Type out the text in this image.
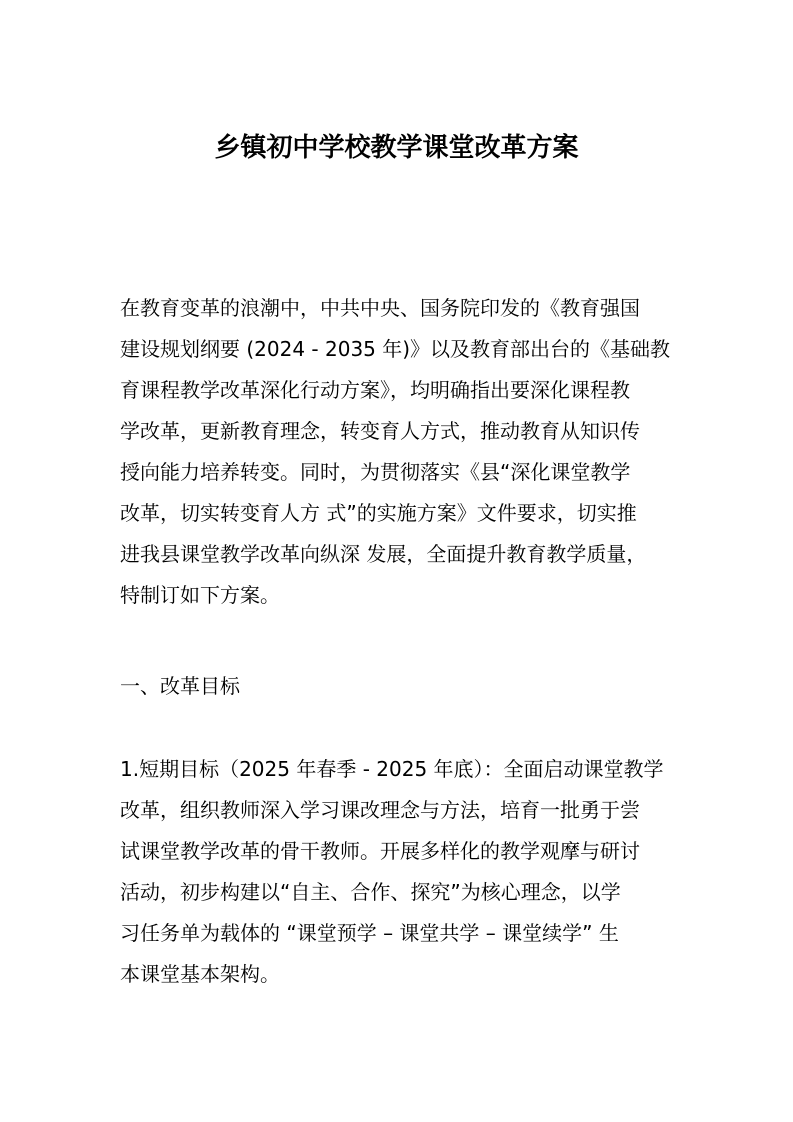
乡镇初中学校教学课堂改革方案
在教育变革的浪潮中，中共中央、国务院印发的《教育强国
建设规划纲要 (2024 - 2035 年)》以及教育部出台的《基础教
育课程教学改革深化行动方案》，均明确指出要深化课程教
学改革，更新教育理念，转变育人方式，推动教育从知识传
授向能力培养转变。同时，为贯彻落实《县“深化课堂教学
改革，切实转变育人方 式”的实施方案》文件要求，切实推
进我县课堂教学改革向纵深 发展，全面提升教育教学质量，
特制订如下方案。
一、改革目标
1.短期目标（2025 年春季 - 2025 年底）：全面启动课堂教学
改革，组织教师深入学习课改理念与方法，培育一批勇于尝
试课堂教学改革的骨干教师。开展多样化的教学观摩与研讨
活动，初步构建以“自主、合作、探究”为核心理念，以学
习任务单为载体的 “课堂预学 – 课堂共学 – 课堂续学” 生
本课堂基本架构。
